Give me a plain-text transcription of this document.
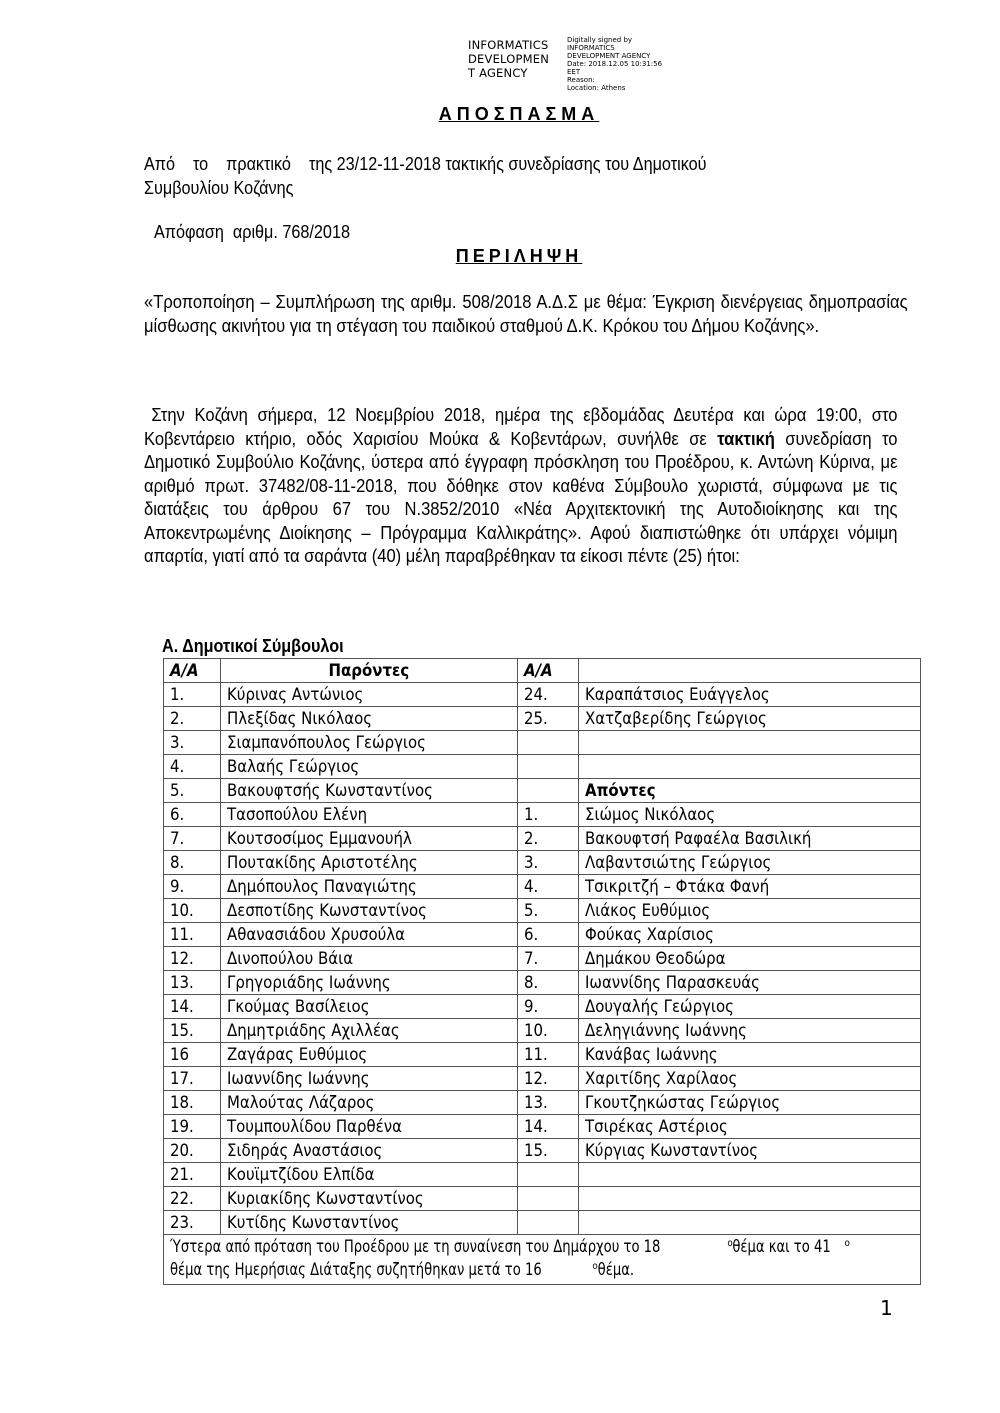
INFORMATICS
DEVELOPMEN
T AGENCY
Digitally signed by
INFORMATICS
DEVELOPMENT AGENCY
Date: 2018.12.05 10:31:56
EET
Reason:
Location: Athens
ΑΠΟΣΠΑΣΜΑ
Από    το    πρακτικό    της 23/12-11-2018 τακτικής συνεδρίασης του Δημοτικού
Συμβουλίου Κοζάνης
Απόφαση  αριθμ. 768/2018
ΠΕΡΙΛΗΨΗ
«Τροποποίηση – Συμπλήρωση της αριθμ. 508/2018 Α.Δ.Σ με θέμα: Έγκριση διενέργειας δημοπρασίας μίσθωσης ακινήτου για τη στέγαση του παιδικού σταθμού Δ.Κ. Κρόκου του Δήμου Κοζάνης».
Στην Κοζάνη σήμερα, 12 Νοεμβρίου 2018, ημέρα της εβδομάδας Δευτέρα και ώρα 19:00, στο Κοβεντάρειο κτήριο, οδός Χαρισίου Μούκα & Κοβεντάρων, συνήλθε σε τακτική συνεδρίαση το Δημοτικό Συμβούλιο Κοζάνης, ύστερα από έγγραφη πρόσκληση του Προέδρου, κ. Αντώνη Κύρινα, με αριθμό πρωτ. 37482/08-11-2018, που δόθηκε στον καθένα Σύμβουλο χωριστά, σύμφωνα με τις διατάξεις του άρθρου 67 του Ν.3852/2010 «Νέα Αρχιτεκτονική της Αυτοδιοίκησης και της Αποκεντρωμένης Διοίκησης – Πρόγραμμα Καλλικράτης». Αφού διαπιστώθηκε ότι υπάρχει νόμιμη απαρτία, γιατί από τα σαράντα (40) μέλη παραβρέθηκαν τα είκοσι πέντε (25) ήτοι:
Α. Δημοτικοί Σύμβουλοι
Α/Α	Παρόντες	Α/Α	
1.	Κύρινας Αντώνιος	24.	Καραπάτσιος Ευάγγελος
2.	Πλεξίδας Νικόλαος	25.	Χατζαβερίδης Γεώργιος
3.	Σιαμπανόπουλος Γεώργιος		
4.	Βαλαής Γεώργιος		
5.	Βακουφτσής Κωνσταντίνος		Απόντες
6.	Τασοπούλου Ελένη	1.	Σιώμος Νικόλαος
7.	Κουτσοσίμος Εμμανουήλ	2.	Βακουφτσή Ραφαέλα Βασιλική
8.	Πουτακίδης Αριστοτέλης	3.	Λαβαντσιώτης Γεώργιος
9.	Δημόπουλος Παναγιώτης	4.	Τσικριτζή – Φτάκα Φανή
10.	Δεσποτίδης Κωνσταντίνος	5.	Λιάκος Ευθύμιος
11.	Αθανασιάδου Χρυσούλα	6.	Φούκας Χαρίσιος
12.	Δινοπούλου Βάια	7.	Δημάκου Θεοδώρα
13.	Γρηγοριάδης Ιωάννης	8.	Ιωαννίδης Παρασκευάς
14.	Γκούμας Βασίλειος	9.	Δουγαλής Γεώργιος
15.	Δημητριάδης Αχιλλέας	10.	Δεληγιάννης Ιωάννης
16	Ζαγάρας Ευθύμιος	11.	Κανάβας Ιωάννης
17.	Ιωαννίδης Ιωάννης	12.	Χαριτίδης Χαρίλαος
18.	Μαλούτας Λάζαρος	13.	Γκουτζηκώστας Γεώργιος
19.	Τουμπουλίδου Παρθένα	14.	Τσιρέκας Αστέριος
20.	Σιδηράς Αναστάσιος	15.	Κύργιας Κωνσταντίνος
21.	Κουϊμτζίδου Ελπίδα		
22.	Κυριακίδης Κωνσταντίνος		
23.	Κυτίδης Κωνσταντίνος		

Ύστερα από πρόταση του Προέδρου με τη συναίνεση του Δημάρχου το 18 $^o$θέμα και το 41 $^o$θέμα της Ημερήσιας Διάταξης συζητήθηκαν μετά το 16 $^o$θέμα.			
1
